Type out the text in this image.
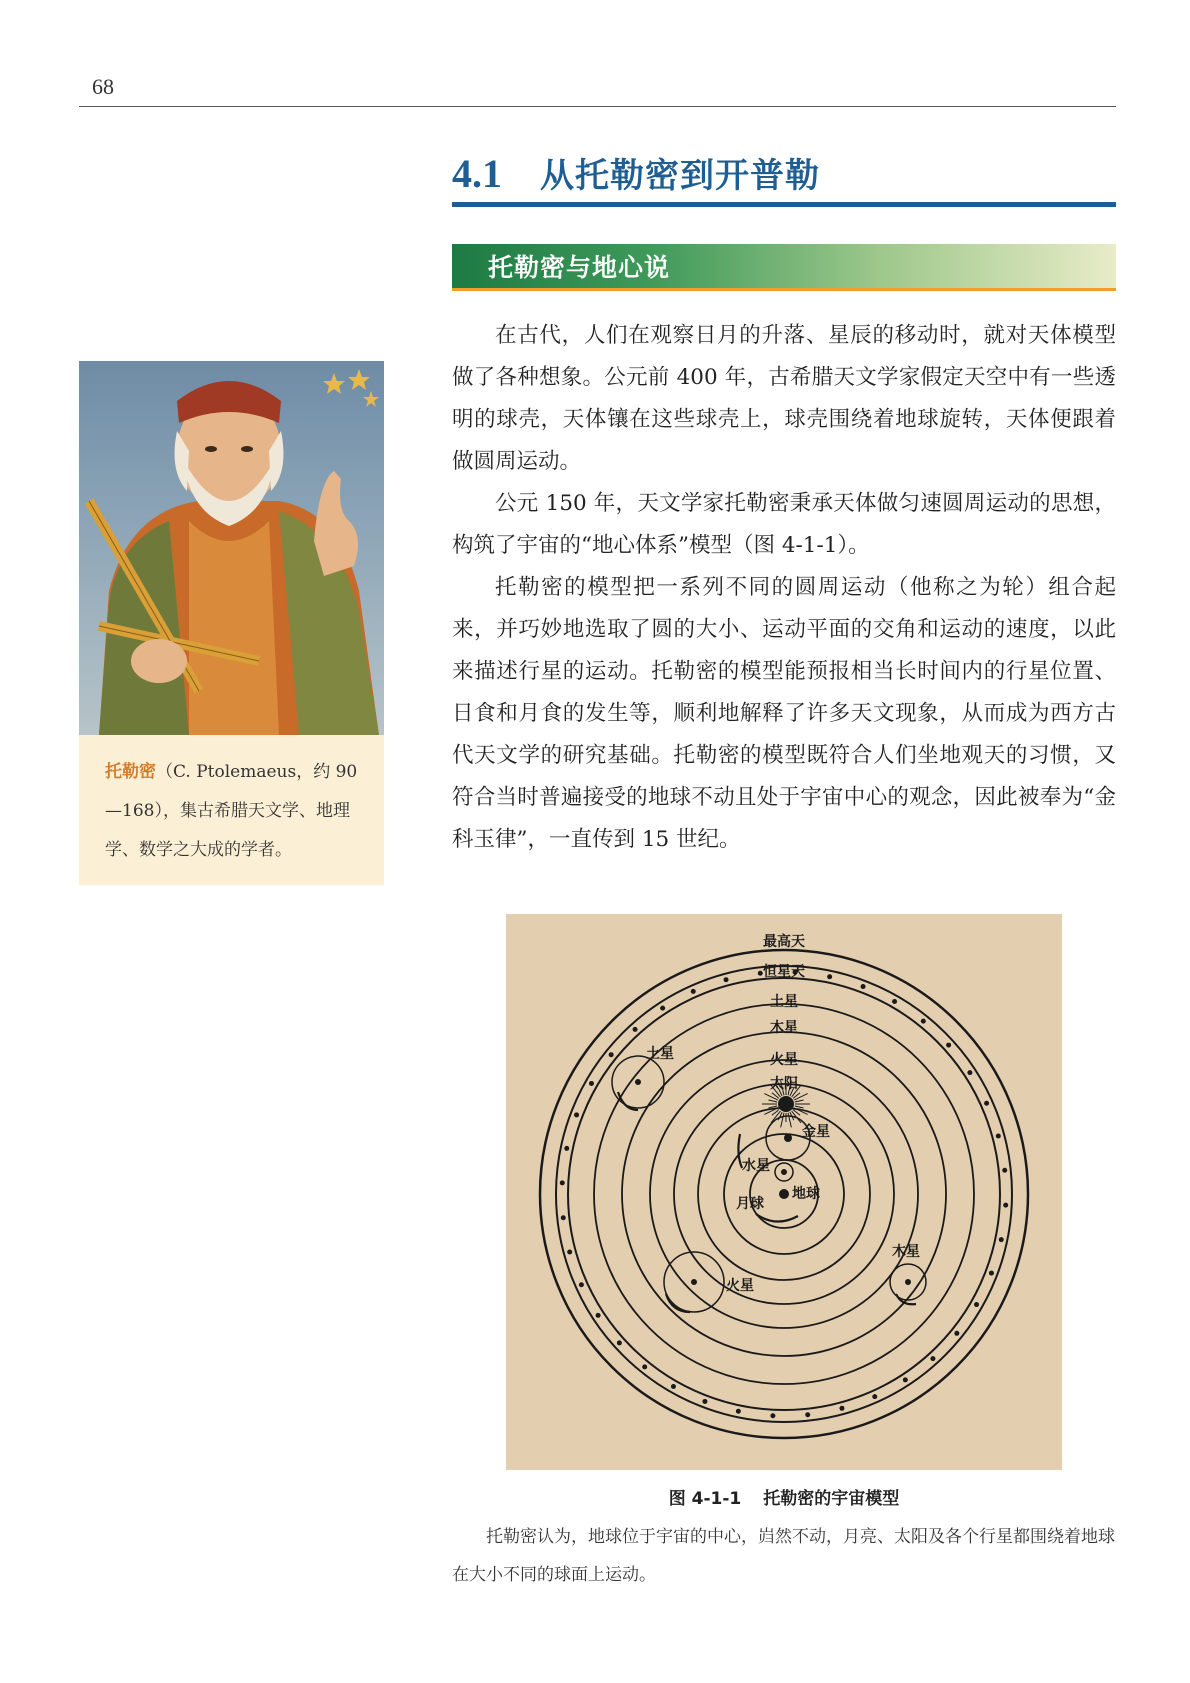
68
4.1 从托勒密到开普勒
托勒密与地心说

在古代，人们在观察日月的升落、星辰的移动时，就对天体模型做了各种想象。公元前 400 年，古希腊天文学家假定天空中有一些透明的球壳，天体镶在这些球壳上，球壳围绕着地球旋转，天体便跟着做圆周运动。

公元 150 年，天文学家托勒密秉承天体做匀速圆周运动的思想，构筑了宇宙的“地心体系”模型（图 4-1-1）。

托勒密的模型把一系列不同的圆周运动（他称之为轮）组合起来，并巧妙地选取了圆的大小、运动平面的交角和运动的速度，以此来描述行星的运动。托勒密的模型能预报相当长时间内的行星位置、日食和月食的发生等，顺利地解释了许多天文现象，从而成为西方古代天文学的研究基础。托勒密的模型既符合人们坐地观天的习惯，又符合当时普遍接受的地球不动且处于宇宙中心的观念，因此被奉为“金科玉律”，一直传到 15 世纪。

托勒密（C. Ptolemaeus，约 90—168），集古希腊天文学、地理学、数学之大成的学者。
最高天
恒星天
土星
木星
火星
太阳
金星
水星
月球
地球
土星
火星
木星
图 4-1-1 托勒密的宇宙模型
托勒密认为，地球位于宇宙的中心，岿然不动，月亮、太阳及各个行星都围绕着地球在大小不同的球面上运动。
